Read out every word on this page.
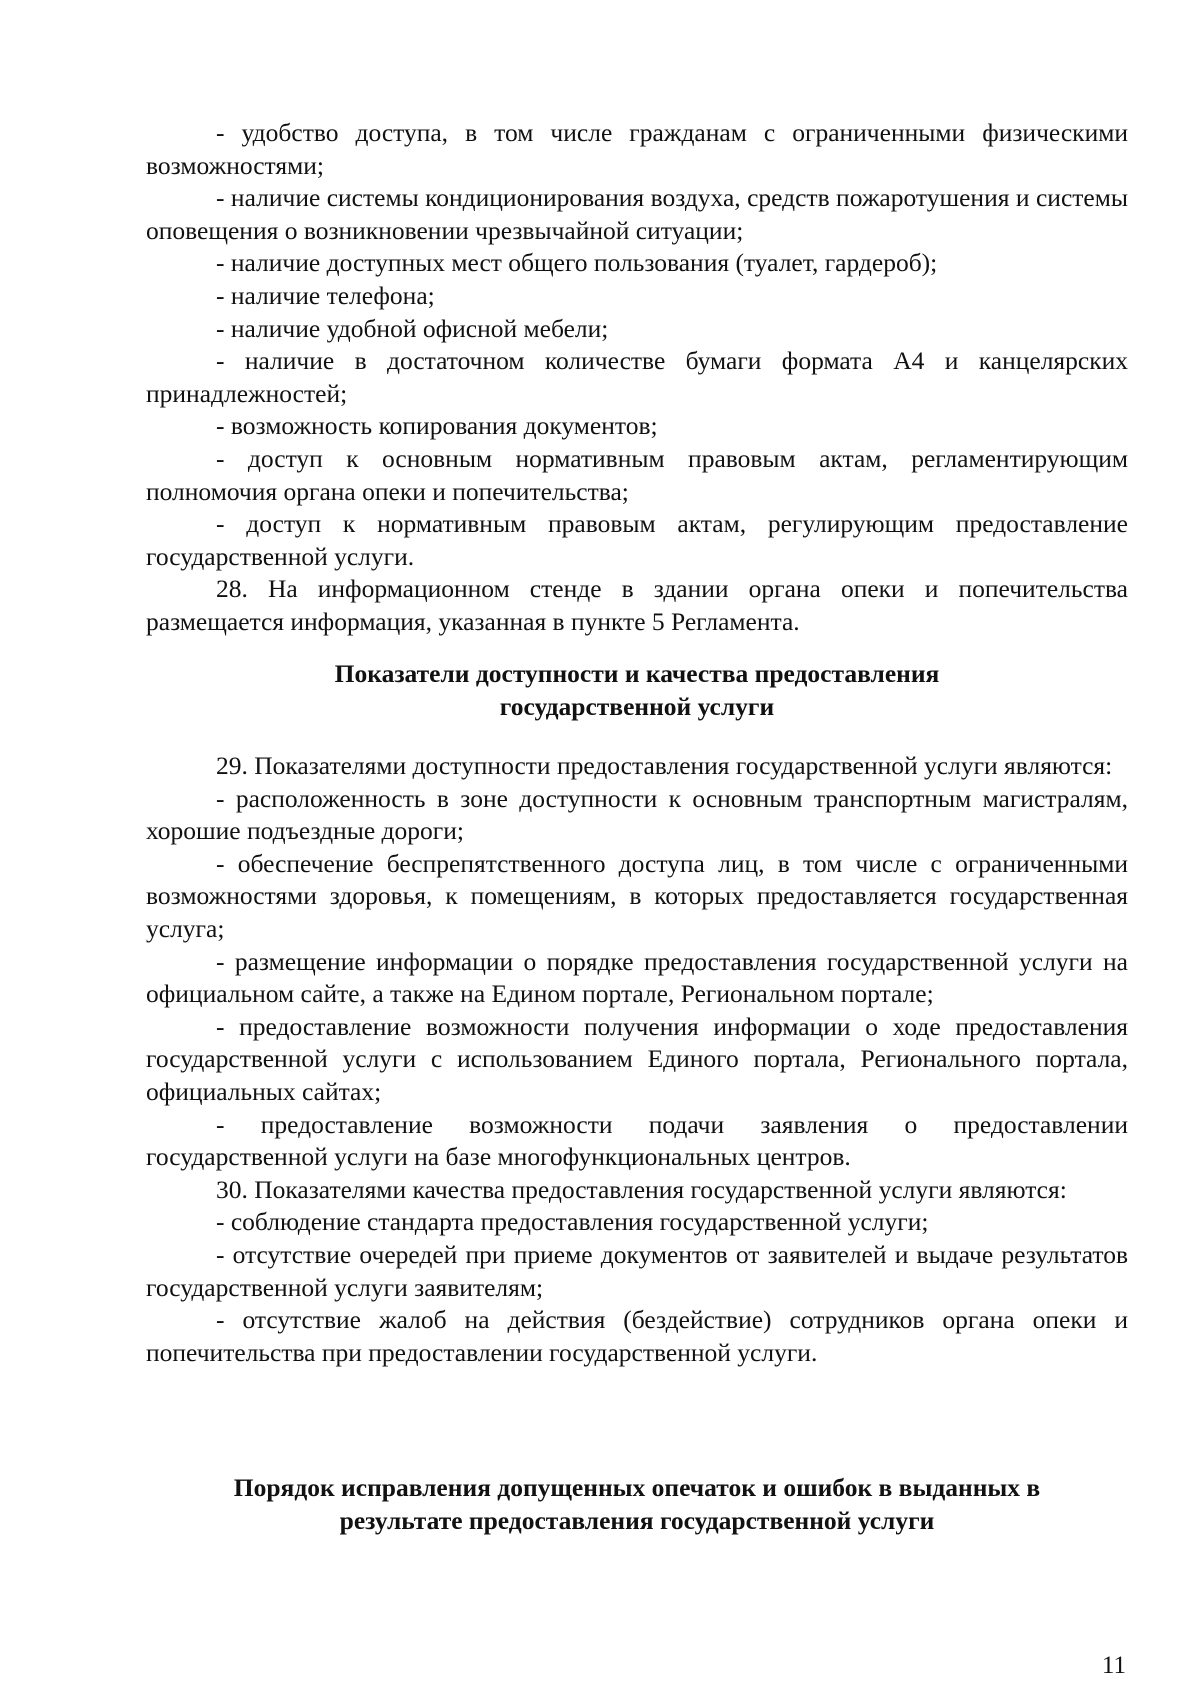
- удобство доступа, в том числе гражданам с ограниченными физическими возможностями;

- наличие системы кондиционирования воздуха, средств пожаротушения и системы оповещения о возникновении чрезвычайной ситуации;

- наличие доступных мест общего пользования (туалет, гардероб);

- наличие телефона;

- наличие удобной офисной мебели;

- наличие в достаточном количестве бумаги формата А4 и канцелярских принадлежностей;

- возможность копирования документов;

- доступ к основным нормативным правовым актам, регламентирующим полномочия органа опеки и попечительства;

- доступ к нормативным правовым актам, регулирующим предоставление государственной услуги.

28. На информационном стенде в здании органа опеки и попечительства размещается информация, указанная в пункте 5 Регламента.

Показатели доступности и качества предоставления
государственной услуги

29. Показателями доступности предоставления государственной услуги являются:

- расположенность в зоне доступности к основным транспортным магистралям, хорошие подъездные дороги;

- обеспечение беспрепятственного доступа лиц, в том числе с ограниченными возможностями здоровья, к помещениям, в которых предоставляется государственная услуга;

- размещение информации о порядке предоставления государственной услуги на официальном сайте, а также на Едином портале, Региональном портале;

- предоставление возможности получения информации о ходе предоставления государственной услуги с использованием Единого портала, Регионального портала, официальных сайтах;

- предоставление возможности подачи заявления о предоставлении государственной услуги на базе многофункциональных центров.

30. Показателями качества предоставления государственной услуги являются:

- соблюдение стандарта предоставления государственной услуги;

- отсутствие очередей при приеме документов от заявителей и выдаче результатов государственной услуги заявителям;

- отсутствие жалоб на действия (бездействие) сотрудников органа опеки и попечительства при предоставлении государственной услуги.

Порядок исправления допущенных опечаток и ошибок в выданных в
результате предоставления государственной услуги
11
